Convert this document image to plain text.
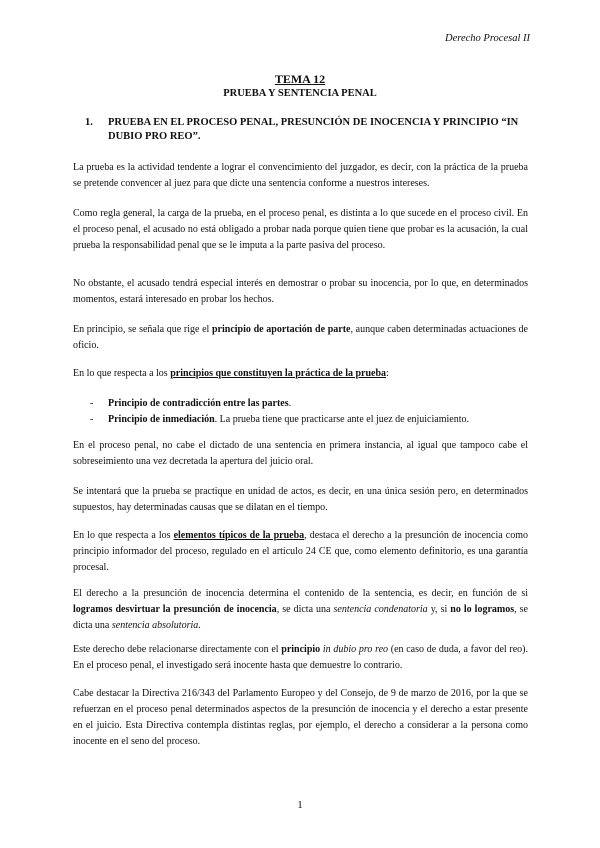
Derecho Procesal II
TEMA 12
PRUEBA Y SENTENCIA PENAL
1. PRUEBA EN EL PROCESO PENAL, PRESUNCIÓN DE INOCENCIA Y PRINCIPIO “IN DUBIO PRO REO”.

La prueba es la actividad tendente a lograr el convencimiento del juzgador, es decir, con la práctica de la prueba se pretende convencer al juez para que dicte una sentencia conforme a nuestros intereses.

Como regla general, la carga de la prueba, en el proceso penal, es distinta a lo que sucede en el proceso civil. En el proceso penal, el acusado no está obligado a probar nada porque quien tiene que probar es la acusación, la cual prueba la responsabilidad penal que se le imputa a la parte pasiva del proceso.

No obstante, el acusado tendrá especial interés en demostrar o probar su inocencia, por lo que, en determinados momentos, estará interesado en probar los hechos.

En principio, se señala que rige el principio de aportación de parte, aunque caben determinadas actuaciones de oficio.

En lo que respecta a los principios que constituyen la práctica de la prueba:

- Principio de contradicción entre las partes.
- Principio de inmediación. La prueba tiene que practicarse ante el juez de enjuiciamiento.

En el proceso penal, no cabe el dictado de una sentencia en primera instancia, al igual que tampoco cabe el sobreseimiento una vez decretada la apertura del juicio oral.

Se intentará que la prueba se practique en unidad de actos, es decir, en una única sesión pero, en determinados supuestos, hay determinadas causas que se dilatan en el tiempo.

En lo que respecta a los elementos típicos de la prueba, destaca el derecho a la presunción de inocencia como principio informador del proceso, regulado en el artículo 24 CE que, como elemento definitorio, es una garantía procesal.

El derecho a la presunción de inocencia determina el contenido de la sentencia, es decir, en función de si logramos desvirtuar la presunción de inocencia, se dicta una sentencia condenatoria y, si no lo logramos, se dicta una sentencia absolutoria.

Este derecho debe relacionarse directamente con el principio in dubio pro reo (en caso de duda, a favor del reo). En el proceso penal, el investigado será inocente hasta que demuestre lo contrario.

Cabe destacar la Directiva 216/343 del Parlamento Europeo y del Consejo, de 9 de marzo de 2016, por la que se refuerzan en el proceso penal determinados aspectos de la presunción de inocencia y el derecho a estar presente en el juicio. Esta Directiva contempla distintas reglas, por ejemplo, el derecho a considerar a la persona como inocente en el seno del proceso.

1
